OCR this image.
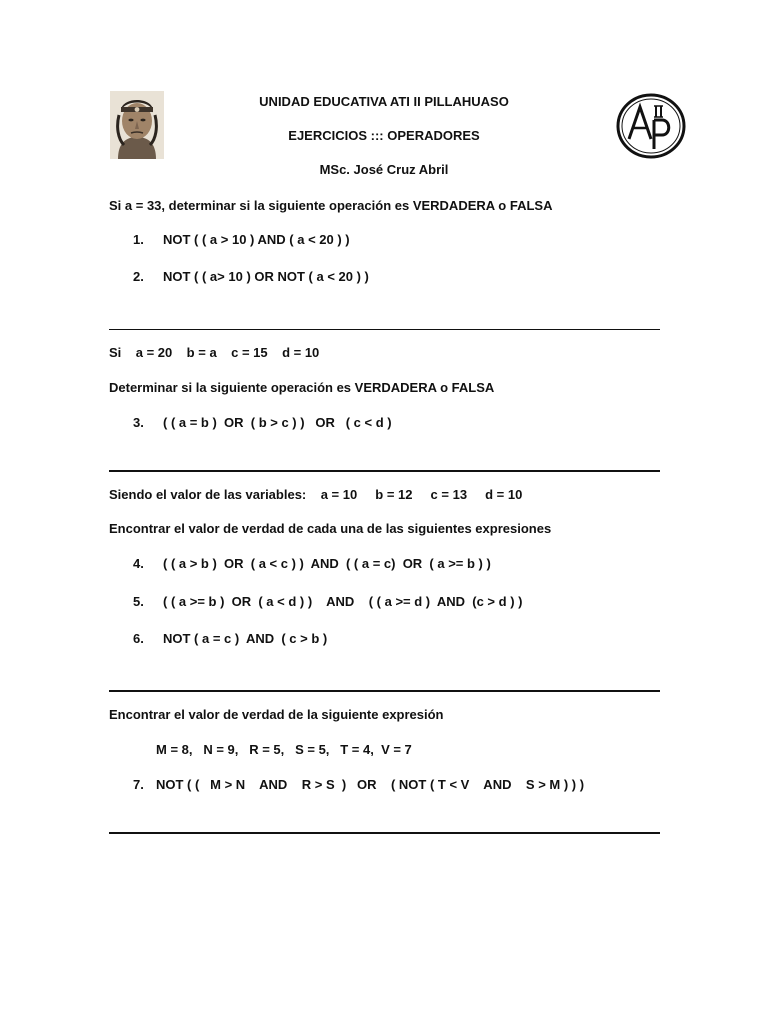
UNIDAD EDUCATIVA ATI II PILLAHUASO
EJERCICIOS ::: OPERADORES
MSc. José Cruz Abril
Si a = 33, determinar si la siguiente operación es VERDADERA o FALSA
1. NOT ( ( a > 10 ) AND ( a < 20 ) )
2. NOT ( ( a> 10 ) OR NOT ( a < 20 ) )
Si    a = 20    b = a    c = 15    d = 10
Determinar si la siguiente operación es VERDADERA o FALSA
3. ( ( a = b )  OR  ( b > c ) )   OR   ( c < d )
Siendo el valor de las variables:    a = 10     b = 12     c = 13     d = 10
Encontrar el valor de verdad de cada una de las siguientes expresiones
4. ( ( a > b )  OR  ( a < c ) )  AND  ( ( a = c)  OR  ( a >= b ) )
5. ( ( a >= b )  OR  ( a < d ) )    AND    ( ( a >= d )  AND  (c > d ) )
6. NOT ( a = c )  AND  ( c > b )
Encontrar el valor de verdad de la siguiente expresión
M = 8,   N = 9,   R = 5,   S = 5,   T = 4,  V = 7
7. NOT ( (   M > N    AND    R > S  )   OR    ( NOT ( T < V    AND    S > M ) ) )
